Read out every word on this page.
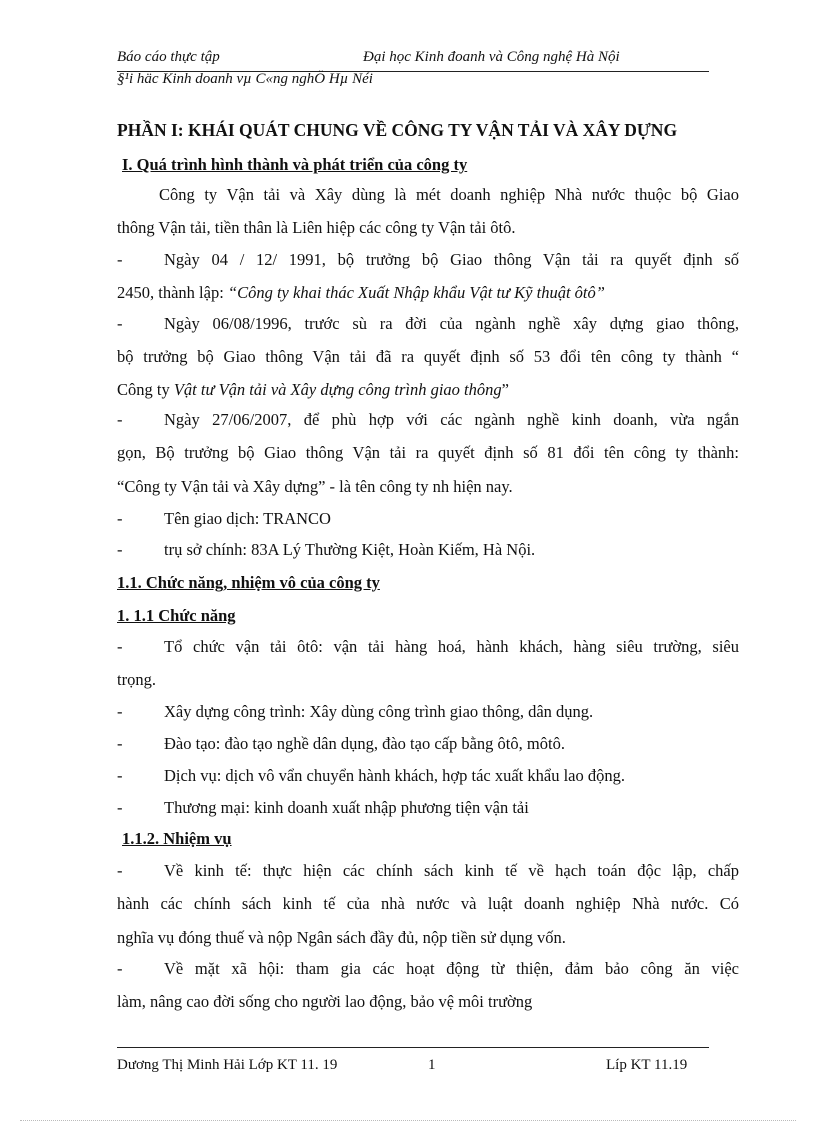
Báo cáo thực tập	Đại học Kinh đoanh và Công nghệ Hà Nội
§¹i häc Kinh doanh vµ C«ng nghÖ Hµ Néi
PHẦN I: KHÁI QUÁT CHUNG VỀ CÔNG TY VẬN TẢI VÀ XÂY DỰNG
I. Quá trình hình thành và phát triển của công ty
Công ty Vận tải và Xây dùng là mét doanh nghiệp Nhà nước thuộc bộ Giao
thông Vận tải, tiền thân là Liên hiệp các công ty Vận tải ôtô.
-	Ngày 04 / 12/ 1991, bộ trưởng bộ Giao thông Vận tải ra quyết định số
2450, thành lập: “Công ty khai thác Xuất Nhập khẩu Vật tư Kỹ thuật ôtô”
-	Ngày 06/08/1996, trước sù ra đời của ngành nghề xây dựng giao thông,
bộ trưởng bộ Giao thông Vận tải đã ra quyết định số 53 đổi tên công ty thành “
Công ty Vật tư Vận tải và Xây dựng công trình giao thông”
-	Ngày 27/06/2007, để phù hợp với các ngành nghề kinh doanh, vừa ngắn
gọn, Bộ trưởng bộ Giao thông Vận tải ra quyết định số 81 đổi tên công ty thành:
“Công ty Vận tải và Xây dựng” - là tên công ty nh hiện nay.
-	Tên giao dịch: TRANCO
-	trụ sở chính: 83A Lý Thường Kiệt, Hoàn Kiếm, Hà Nội.
1.1. Chức năng, nhiệm vô của công ty
1. 1.1 Chức năng
-	Tổ chức vận tải ôtô: vận tải hàng hoá, hành khách, hàng siêu trường, siêu
trọng.
-	Xây dựng công trình: Xây dùng công trình giao thông, dân dụng.
-	Đào tạo: đào tạo nghề dân dụng, đào tạo cấp bằng ôtô, môtô.
-	Dịch vụ: dịch vô vẩn chuyển hành khách, hợp tác xuất khẩu lao động.
-	Thương mại: kinh doanh xuất nhập phương tiện vận tải
1.1.2. Nhiệm vụ
-	Về kinh tế: thực hiện các chính sách kinh tế về hạch toán độc lập, chấp
hành các chính sách kinh tế của nhà nước và luật doanh nghiệp Nhà nước. Có
nghĩa vụ đóng thuế và nộp Ngân sách đầy đủ, nộp tiền sử dụng vốn.
-	Về mặt xã hội: tham gia các hoạt động từ thiện, đảm bảo công ăn việc
làm, nâng cao đời sống cho người lao động, bảo vệ môi trường
Dương Thị Minh Hải Lớp KT 11. 19	1	Líp KT 11.19
